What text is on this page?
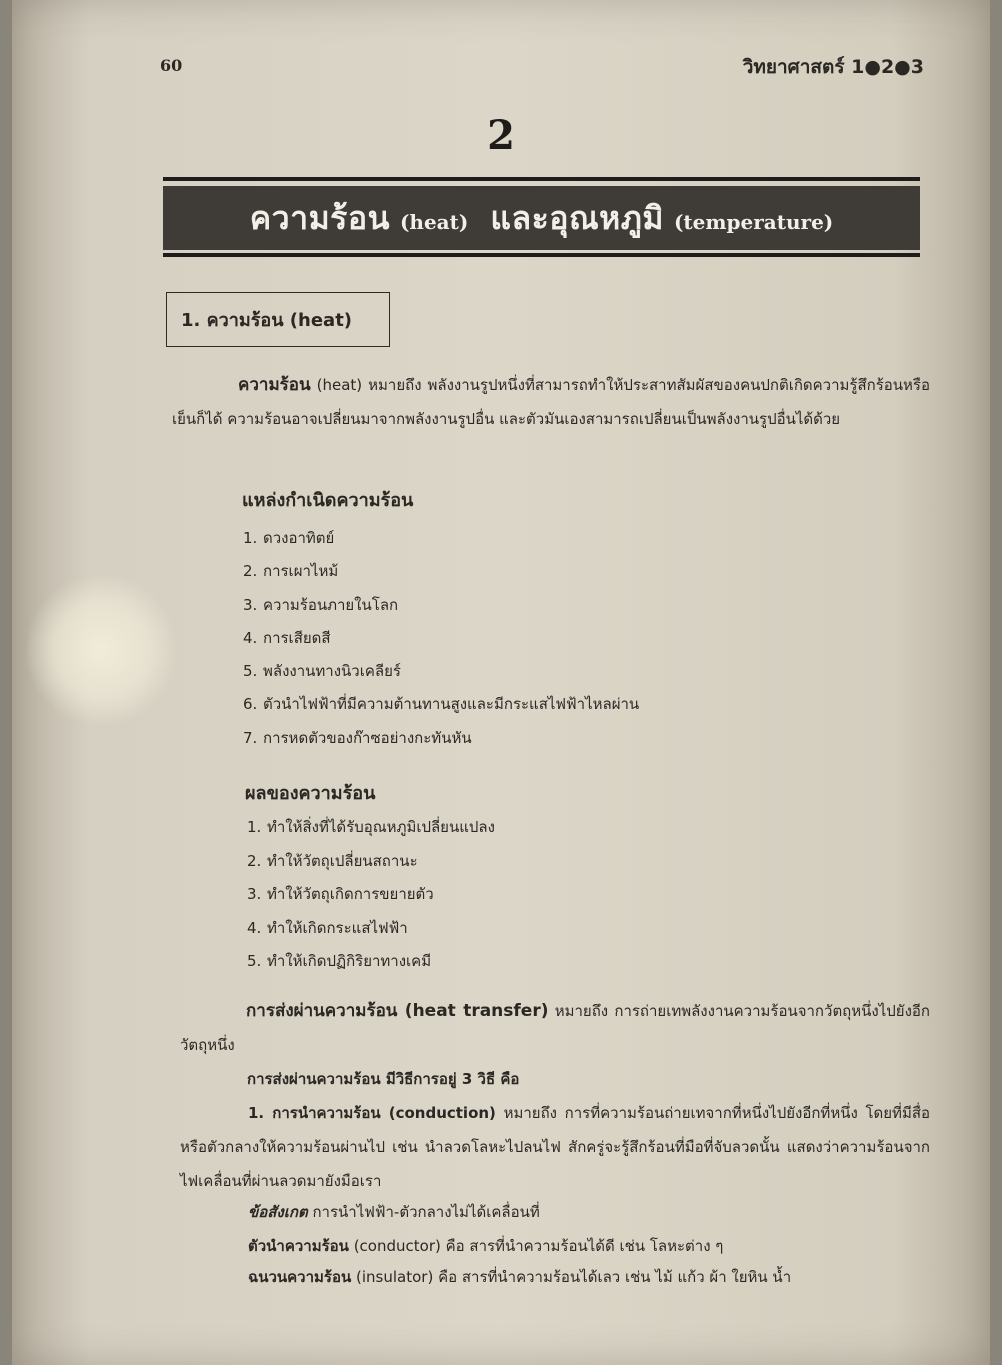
60	วิทยาศาสตร์ 1●2●3
2
ความร้อน (heat) และอุณหภูมิ (temperature)
1. ความร้อน (heat)
ความร้อน (heat) หมายถึง พลังงานรูปหนึ่งที่สามารถทำให้ประสาทสัมผัสของคนปกติเกิดความรู้สึกร้อนหรือเย็นก็ได้ ความร้อนอาจเปลี่ยนมาจากพลังงานรูปอื่น และตัวมันเองสามารถเปลี่ยนเป็นพลังงานรูปอื่นได้ด้วย
แหล่งกำเนิดความร้อน
1. ดวงอาทิตย์
2. การเผาไหม้
3. ความร้อนภายในโลก
4. การเสียดสี
5. พลังงานทางนิวเคลียร์
6. ตัวนำไฟฟ้าที่มีความต้านทานสูงและมีกระแสไฟฟ้าไหลผ่าน
7. การหดตัวของก๊าซอย่างกะทันหัน
ผลของความร้อน
1. ทำให้สิ่งที่ได้รับอุณหภูมิเปลี่ยนแปลง
2. ทำให้วัตถุเปลี่ยนสถานะ
3. ทำให้วัตถุเกิดการขยายตัว
4. ทำให้เกิดกระแสไฟฟ้า
5. ทำให้เกิดปฏิกิริยาทางเคมี
การส่งผ่านความร้อน (heat transfer) หมายถึง การถ่ายเทพลังงานความร้อนจากวัตถุหนึ่งไปยังอีกวัตถุหนึ่ง
การส่งผ่านความร้อน มีวิธีการอยู่ 3 วิธี คือ
1. การนำความร้อน (conduction) หมายถึง การที่ความร้อนถ่ายเทจากที่หนึ่งไปยังอีกที่หนึ่ง โดยที่มีสื่อหรือตัวกลางให้ความร้อนผ่านไป เช่น นำลวดโลหะไปลนไฟ สักครู่จะรู้สึกร้อนที่มือที่จับลวดนั้น แสดงว่าความร้อนจากไฟเคลื่อนที่ผ่านลวดมายังมือเรา
ข้อสังเกต การนำไฟฟ้า-ตัวกลางไม่ได้เคลื่อนที่
ตัวนำความร้อน (conductor) คือ สารที่นำความร้อนได้ดี เช่น โลหะต่าง ๆ
ฉนวนความร้อน (insulator) คือ สารที่นำความร้อนได้เลว เช่น ไม้ แก้ว ผ้า ใยหิน น้ำ
